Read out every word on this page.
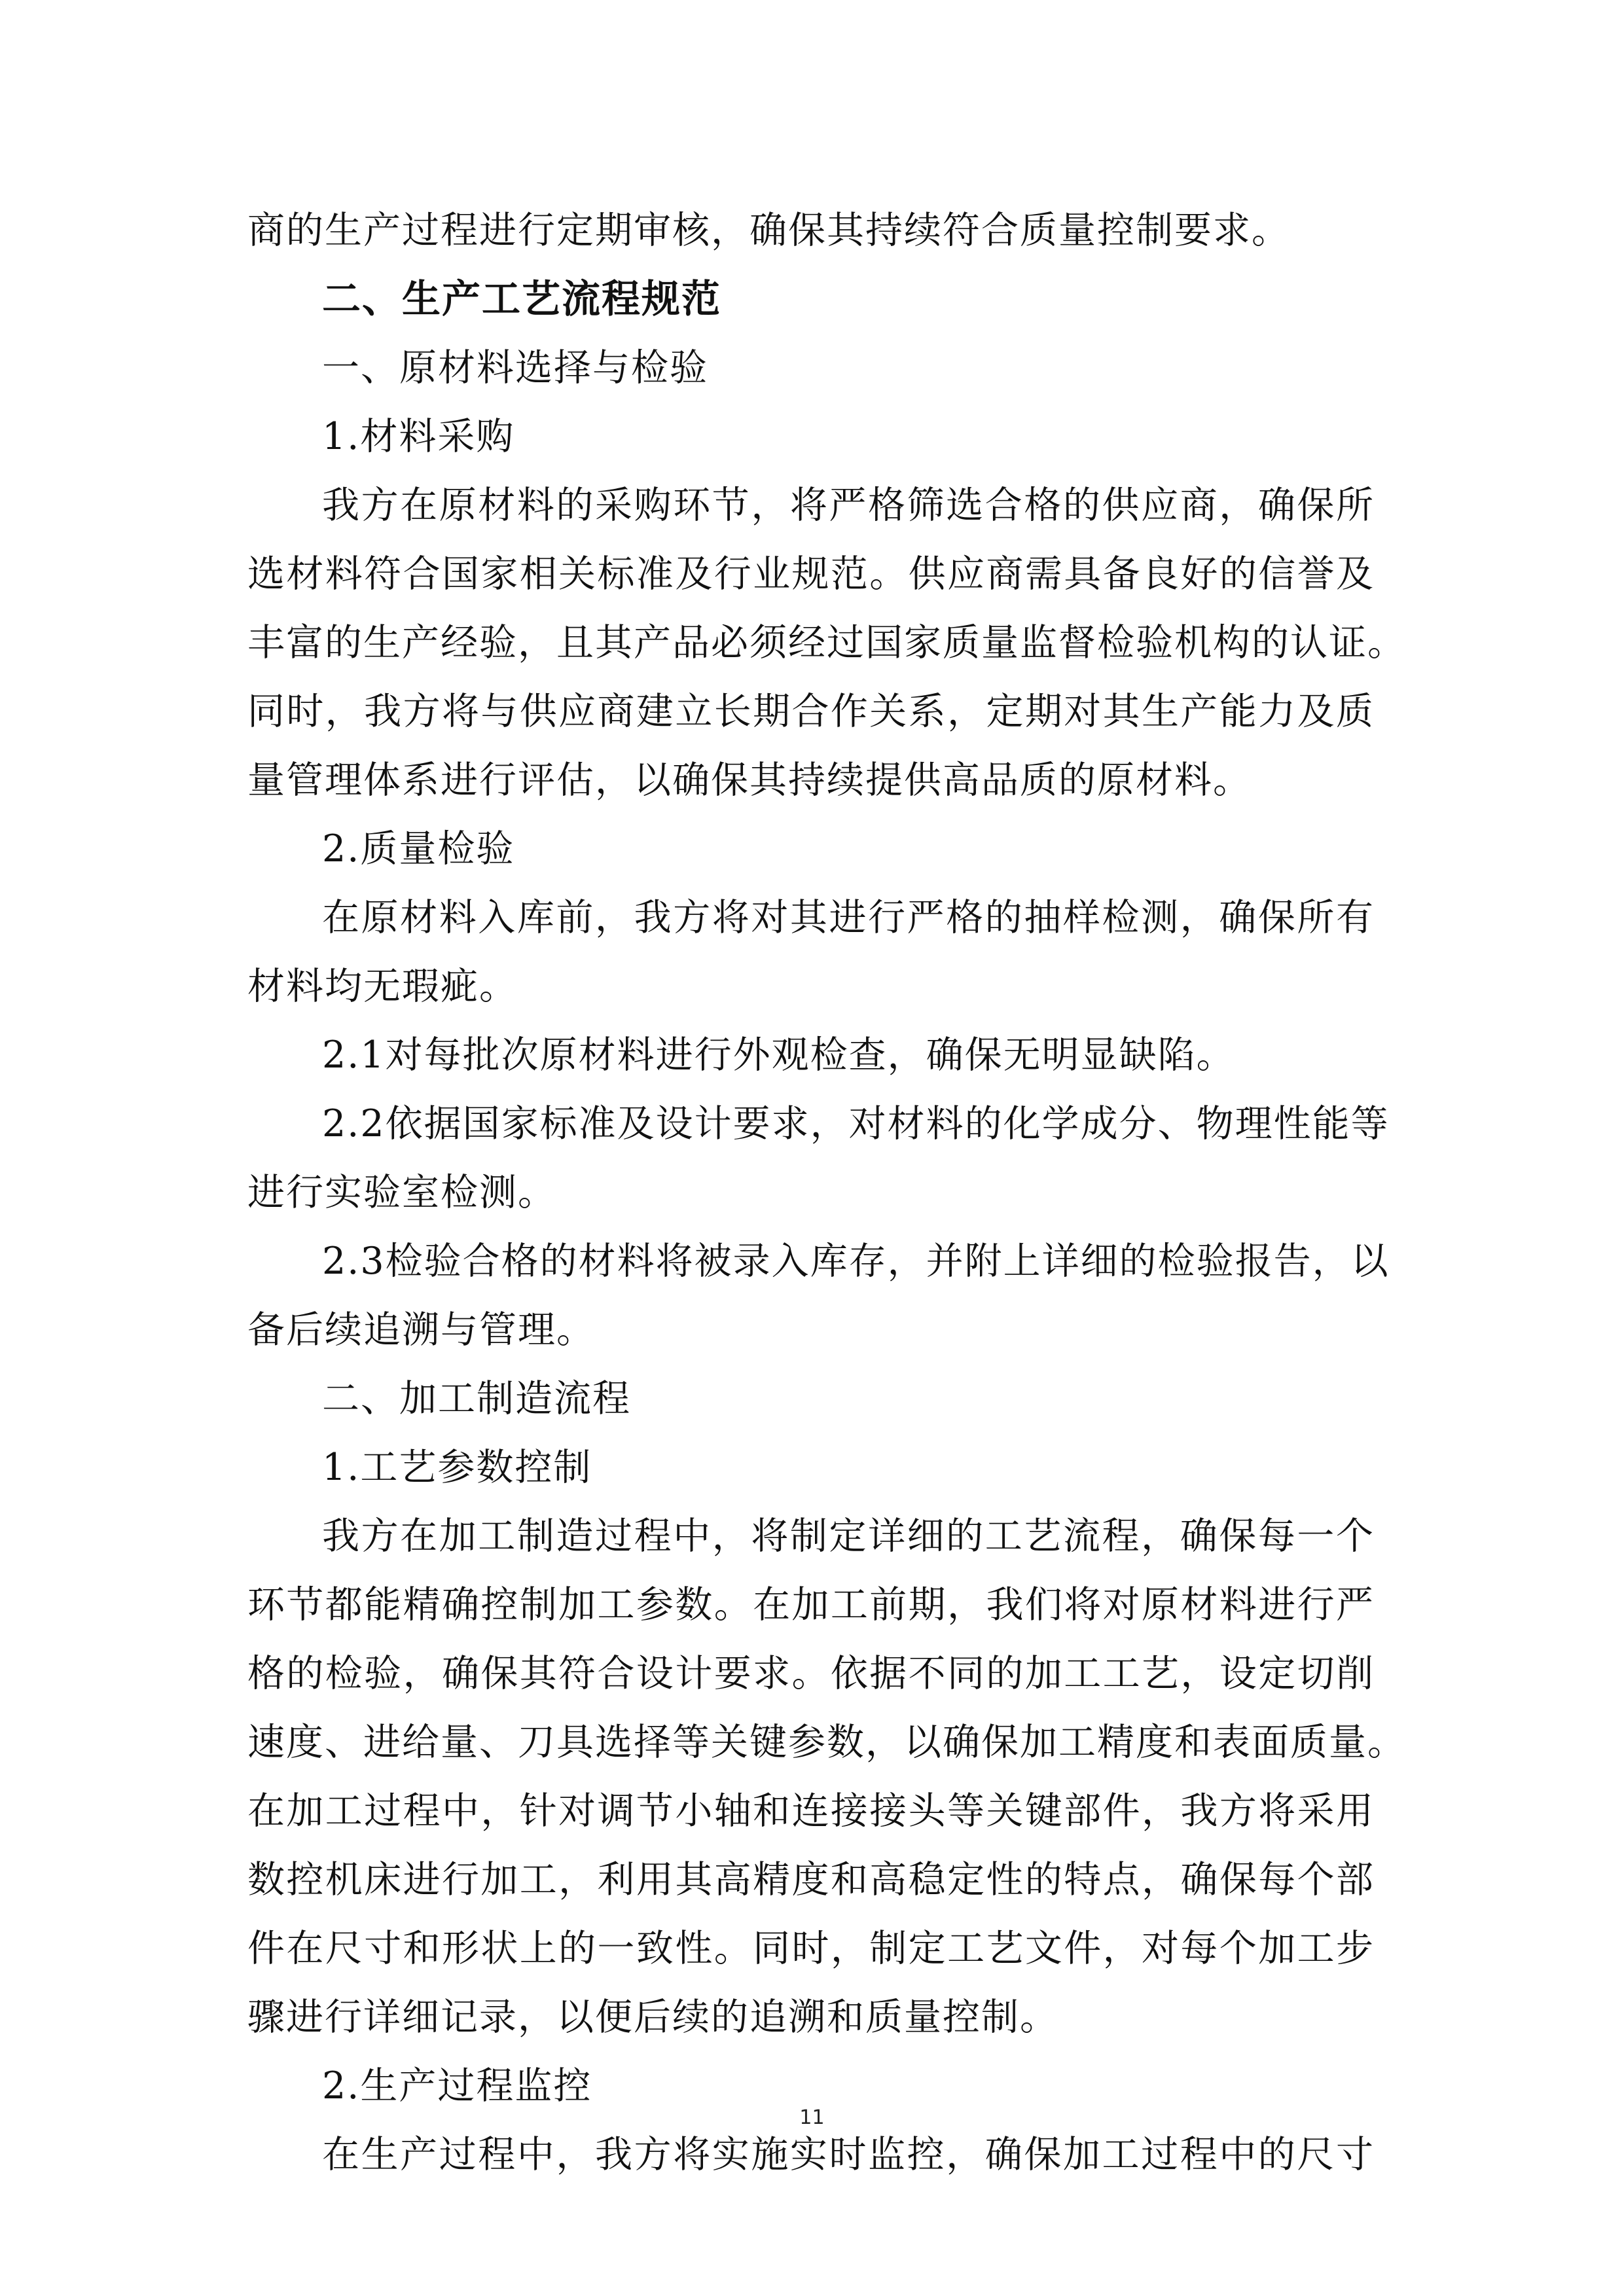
商的生产过程进行定期审核，确保其持续符合质量控制要求。

二、生产工艺流程规范

一、原材料选择与检验

1.材料采购

我方在原材料的采购环节，将严格筛选合格的供应商，确保所

选材料符合国家相关标准及行业规范。供应商需具备良好的信誉及

丰富的生产经验，且其产品必须经过国家质量监督检验机构的认证。

同时，我方将与供应商建立长期合作关系，定期对其生产能力及质

量管理体系进行评估，以确保其持续提供高品质的原材料。

2.质量检验

在原材料入库前，我方将对其进行严格的抽样检测，确保所有

材料均无瑕疵。

2.1对每批次原材料进行外观检查，确保无明显缺陷。

2.2依据国家标准及设计要求，对材料的化学成分、物理性能等

进行实验室检测。

2.3检验合格的材料将被录入库存，并附上详细的检验报告，以

备后续追溯与管理。

二、加工制造流程

1.工艺参数控制

我方在加工制造过程中，将制定详细的工艺流程，确保每一个

环节都能精确控制加工参数。在加工前期，我们将对原材料进行严

格的检验，确保其符合设计要求。依据不同的加工工艺，设定切削

速度、进给量、刀具选择等关键参数，以确保加工精度和表面质量。

在加工过程中，针对调节小轴和连接接头等关键部件，我方将采用

数控机床进行加工，利用其高精度和高稳定性的特点，确保每个部

件在尺寸和形状上的一致性。同时，制定工艺文件，对每个加工步

骤进行详细记录，以便后续的追溯和质量控制。

2.生产过程监控

在生产过程中，我方将实施实时监控，确保加工过程中的尺寸

11
